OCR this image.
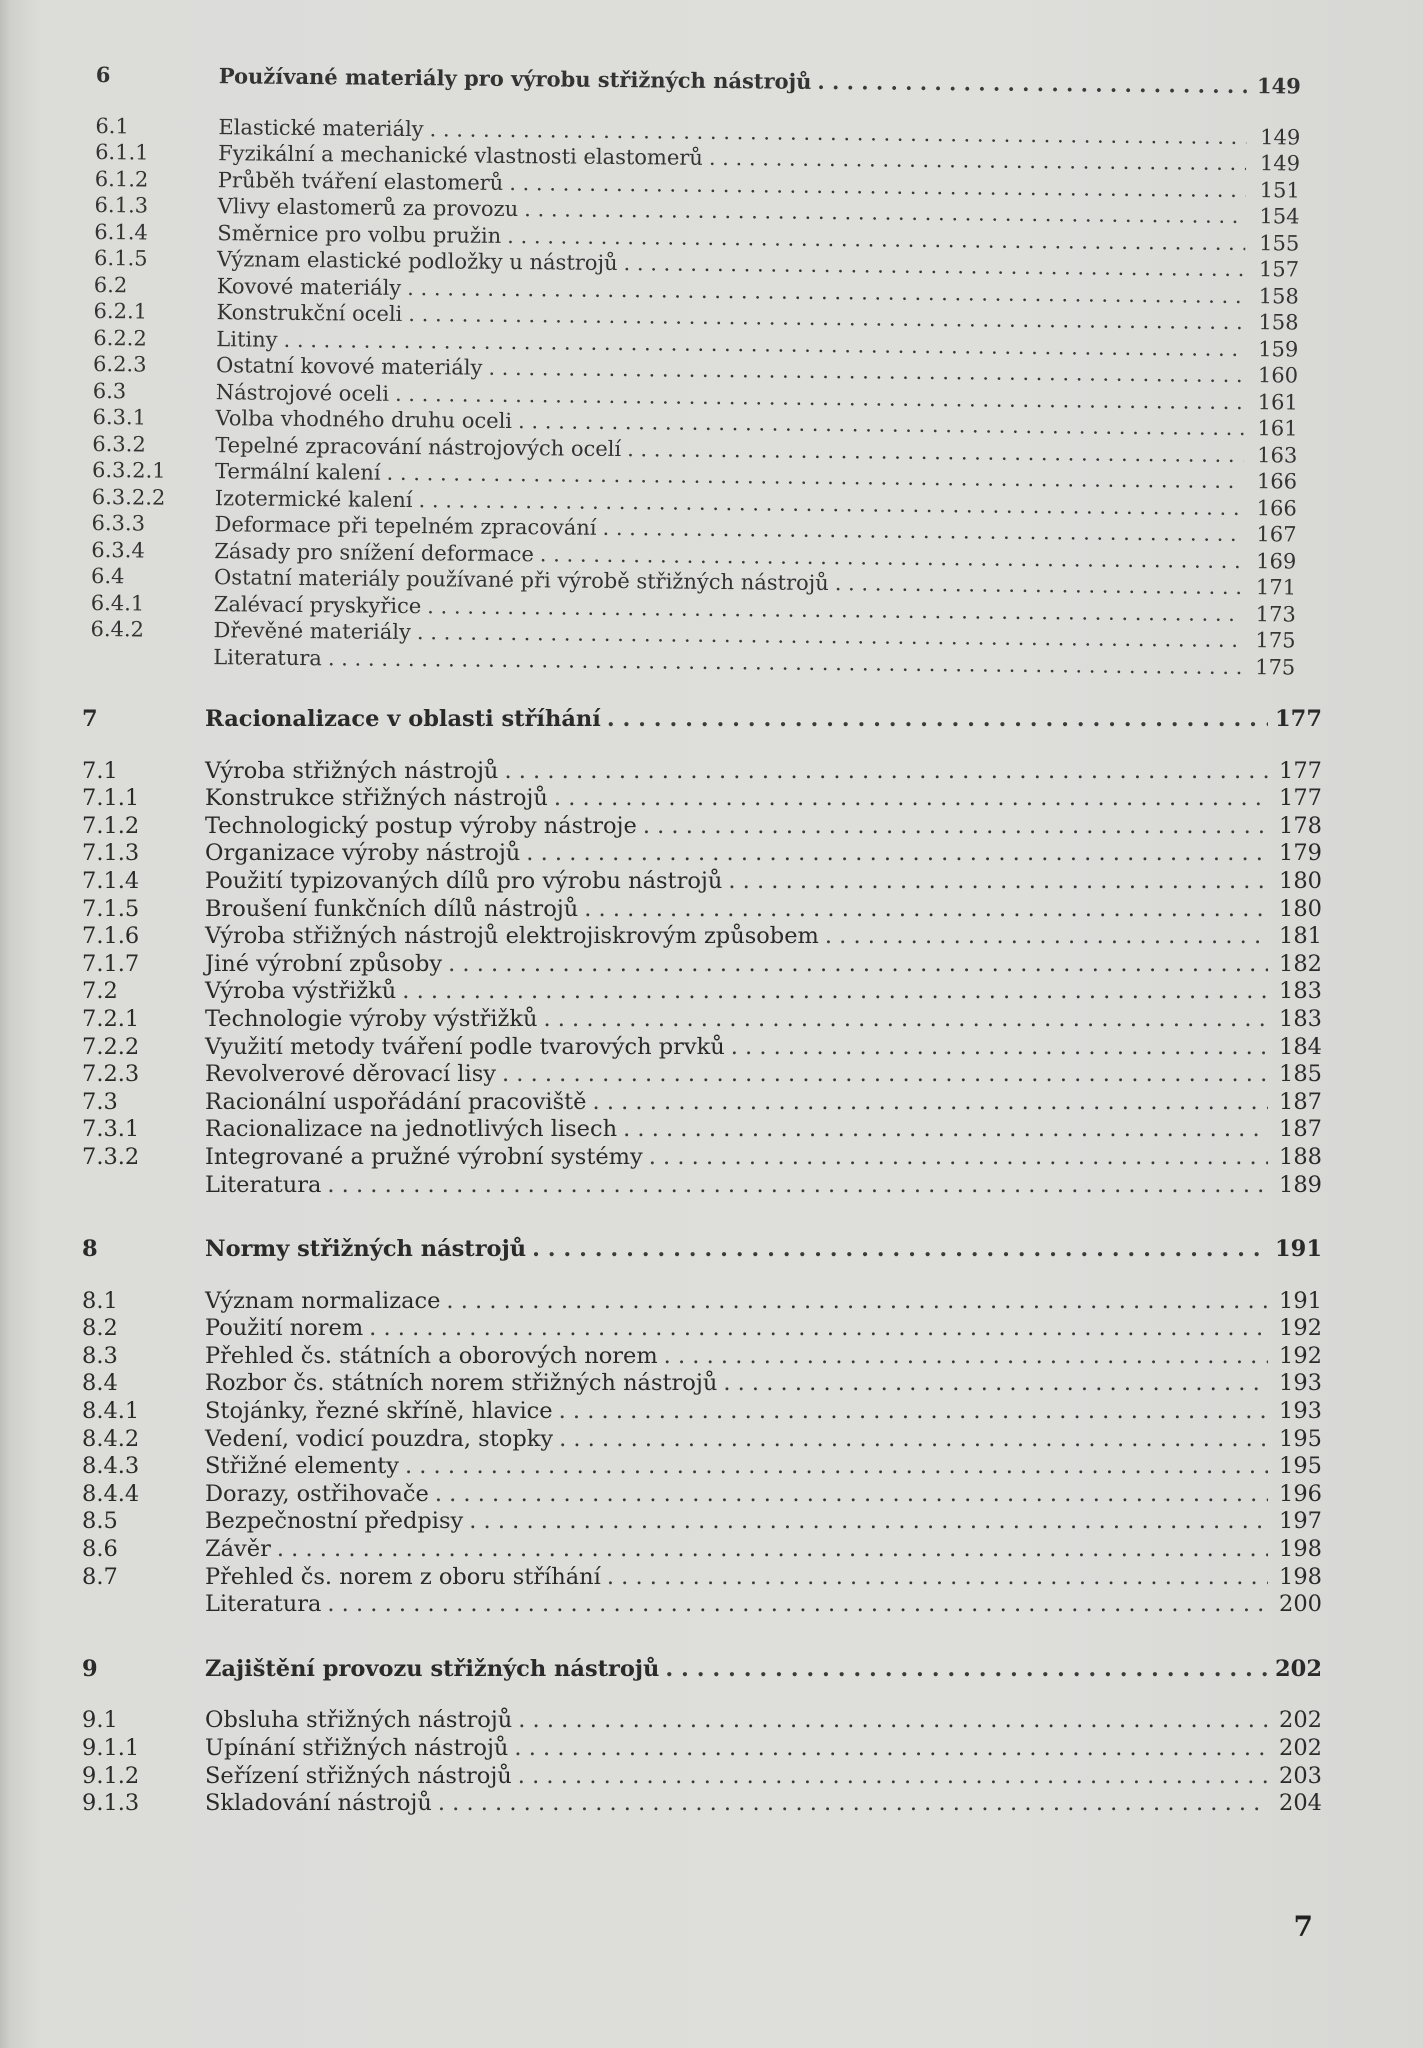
6	Používané materiály pro výrobu střižných nástrojů . . .	149
6.1	Elastické materiály . . .	149
6.1.1	Fyzikální a mechanické vlastnosti elastomerů . . .	149
6.1.2	Průběh tváření elastomerů . . .	151
6.1.3	Vlivy elastomerů za provozu . . .	154
6.1.4	Směrnice pro volbu pružin . . .	155
6.1.5	Význam elastické podložky u nástrojů . . .	157
6.2	Kovové materiály . . .	158
6.2.1	Konstrukční oceli . . .	158
6.2.2	Litiny . . .	159
6.2.3	Ostatní kovové materiály . . .	160
6.3	Nástrojové oceli . . .	161
6.3.1	Volba vhodného druhu oceli . . .	161
6.3.2	Tepelné zpracování nástrojových ocelí . . .	163
6.3.2.1	Termální kalení . . .	166
6.3.2.2	Izotermické kalení . . .	166
6.3.3	Deformace při tepelném zpracování . . .	167
6.3.4	Zásady pro snížení deformace . . .	169
6.4	Ostatní materiály používané při výrobě střižných nástrojů . . .	171
6.4.1	Zalévací pryskyřice . . .	173
6.4.2	Dřevěné materiály . . .	175
Literatura . . .	175
7	Racionalizace v oblasti stříhání . . .	177
7.1	Výroba střižných nástrojů . . .	177
7.1.1	Konstrukce střižných nástrojů . . .	177
7.1.2	Technologický postup výroby nástroje . . .	178
7.1.3	Organizace výroby nástrojů . . .	179
7.1.4	Použití typizovaných dílů pro výrobu nástrojů . . .	180
7.1.5	Broušení funkčních dílů nástrojů . . .	180
7.1.6	Výroba střižných nástrojů elektrojiskrovým způsobem . . .	181
7.1.7	Jiné výrobní způsoby . . .	182
7.2	Výroba výstřižků . . .	183
7.2.1	Technologie výroby výstřižků . . .	183
7.2.2	Využití metody tváření podle tvarových prvků . . .	184
7.2.3	Revolverové děrovací lisy . . .	185
7.3	Racionální uspořádání pracoviště . . .	187
7.3.1	Racionalizace na jednotlivých lisech . . .	187
7.3.2	Integrované a pružné výrobní systémy . . .	188
Literatura . . .	189
8	Normy střižných nástrojů . . .	191
8.1	Význam normalizace . . .	191
8.2	Použití norem . . .	192
8.3	Přehled čs. státních a oborových norem . . .	192
8.4	Rozbor čs. státních norem střižných nástrojů . . .	193
8.4.1	Stojánky, řezné skříně, hlavice . . .	193
8.4.2	Vedení, vodicí pouzdra, stopky . . .	195
8.4.3	Střižné elementy . . .	195
8.4.4	Dorazy, ostřihovače . . .	196
8.5	Bezpečnostní předpisy . . .	197
8.6	Závěr . . .	198
8.7	Přehled čs. norem z oboru stříhání . . .	198
Literatura . . .	200
9	Zajištění provozu střižných nástrojů . . .	202
9.1	Obsluha střižných nástrojů . . .	202
9.1.1	Upínání střižných nástrojů . . .	202
9.1.2	Seřízení střižných nástrojů . . .	203
9.1.3	Skladování nástrojů . . .	204
7
